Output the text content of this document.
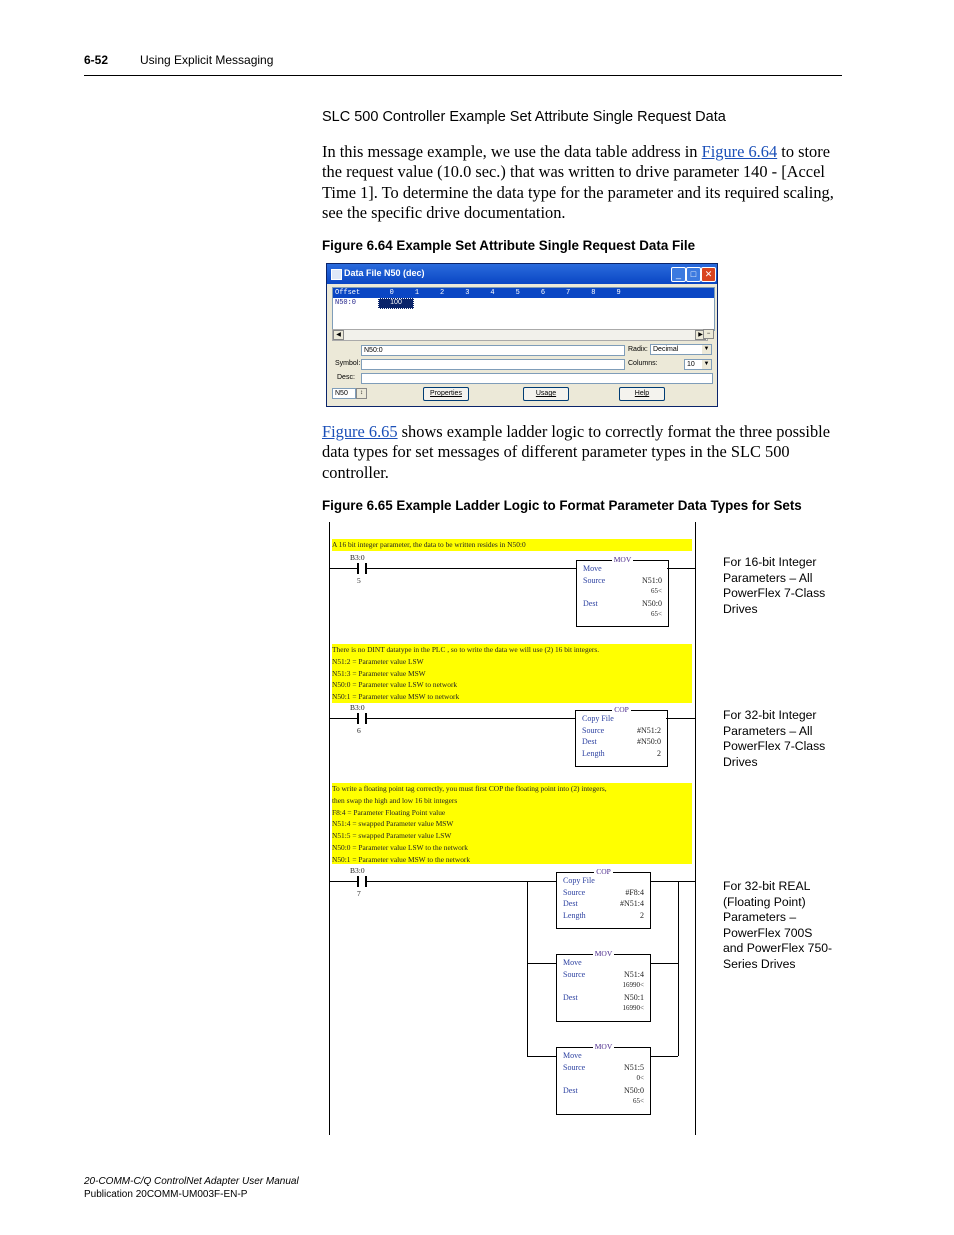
6-52	Using Explicit Messaging
SLC 500 Controller Example Set Attribute Single Request Data
In this message example, we use the data table address in Figure 6.64 to store the request value (10.0 sec.) that was written to drive parameter 140 - [Accel Time 1]. To determine the data type for the parameter and its required scaling, see the specific drive documentation.
Figure 6.64 Example Set Attribute Single Request Data File
Data File N50 (dec)	_	□ ✕
Offset       0     1     2     3     4     5     6     7     8     9
N50:0	100
◀	▶ −
N50:0	Radix: Decimal	▼
Symbol:	Columns:	10 ▼
Desc:
N50	↕	Properties	Usage	Help
Figure 6.65 shows example ladder logic to correctly format the three possible data types for set messages of different parameter types in the SLC 500 controller.
Figure 6.65 Example Ladder Logic to Format Parameter Data Types for Sets
A 16 bit integer parameter, the data to be written resides in N50:0
B3:0
5
MOV
Move
Source	N51:0
65<
Dest	N50:0
65<
There is no DINT datatype in the PLC , so to write the data we will use (2) 16 bit integers.
N51:2 = Parameter value LSW
N51:3 = Parameter value MSW
N50:0 = Parameter value LSW to network
N50:1 = Parameter value MSW to network
B3:0
6
COP
Copy File
Source	#N51:2
Dest	#N50:0
Length	2
To write a floating point tag correctly, you must first COP the floating point into (2) integers,
then swap the high and low 16 bit integers
F8:4 = Parameter Floating Point value
N51:4 = swapped Parameter value MSW
N51:5 = swapped Parameter value LSW
N50:0 = Parameter value LSW to the network
N50:1 = Parameter value MSW to the network
B3:0
7
COP
Copy File
Source	#F8:4
Dest	#N51:4
Length	2
MOV
Move
Source	N51:4
16990<
Dest	N50:1
16990<
MOV
Move
Source	N51:5
0<
Dest	N50:0
65<
For 16-bit Integer Parameters – All PowerFlex 7-Class Drives
For 32-bit Integer Parameters – All PowerFlex 7-Class Drives
For 32-bit REAL (Floating Point) Parameters – PowerFlex 700S and PowerFlex 750-Series Drives
20-COMM-C/Q ControlNet Adapter User Manual
Publication 20COMM-UM003F-EN-P
